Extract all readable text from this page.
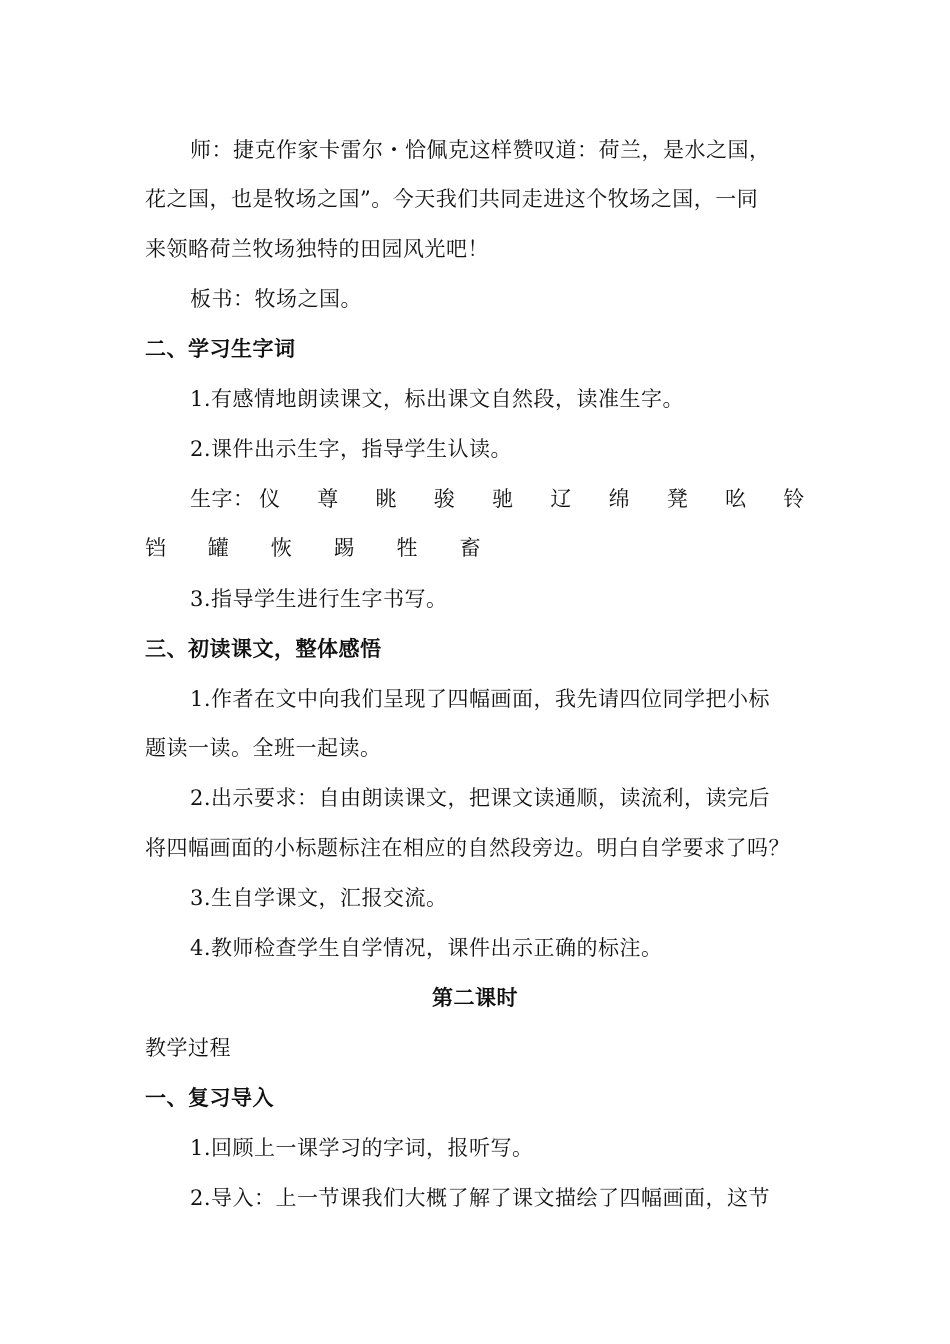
师：捷克作家卡雷尔・恰佩克这样赞叹道：荷兰，是水之国，
花之国，也是牧场之国”。今天我们共同走进这个牧场之国，一同
来领略荷兰牧场独特的田园风光吧！
板书：牧场之国。
二、学习生字词
1.有感情地朗读课文，标出课文自然段，读准生字。
2.课件出示生字，指导学生认读。
生字： 仪 尊 眺 骏 驰 辽 绵 凳 吆 铃
铛 罐 恢 踢 牲 畜
3.指导学生进行生字书写。
三、初读课文，整体感悟
1.作者在文中向我们呈现了四幅画面，我先请四位同学把小标
题读一读。全班一起读。
2.出示要求：自由朗读课文，把课文读通顺，读流利，读完后
将四幅画面的小标题标注在相应的自然段旁边。明白自学要求了吗？
3.生自学课文，汇报交流。
4.教师检查学生自学情况，课件出示正确的标注。
第二课时
教学过程
一、复习导入
1.回顾上一课学习的字词，报听写。
2.导入：上一节课我们大概了解了课文描绘了四幅画面，这节
